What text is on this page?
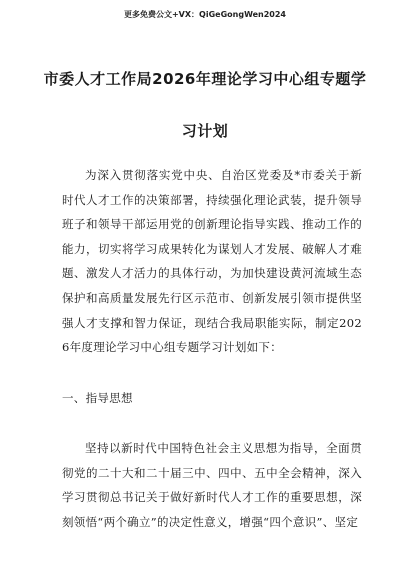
更多免费公文+VX：QiGeGongWen2024
市委人才工作局2026年理论学习中心组专题学
习计划
为深入贯彻落实党中央、自治区党委及*市委关于新时代人才工作的决策部署，持续强化理论武装，提升领导班子和领导干部运用党的创新理论指导实践、推动工作的能力，切实将学习成果转化为谋划人才发展、破解人才难题、激发人才活力的具体行动，为加快建设黄河流域生态保护和高质量发展先行区示范市、创新发展引领市提供坚强人才支撑和智力保证，现结合我局职能实际，制定2026年度理论学习中心组专题学习计划如下：
一、指导思想
坚持以新时代中国特色社会主义思想为指导，全面贯彻党的二十大和二十届三中、四中、五中全会精神，深入学习贯彻总书记关于做好新时代人才工作的重要思想，深刻领悟“两个确立”的决定性意义，增强“四个意识”、坚定
